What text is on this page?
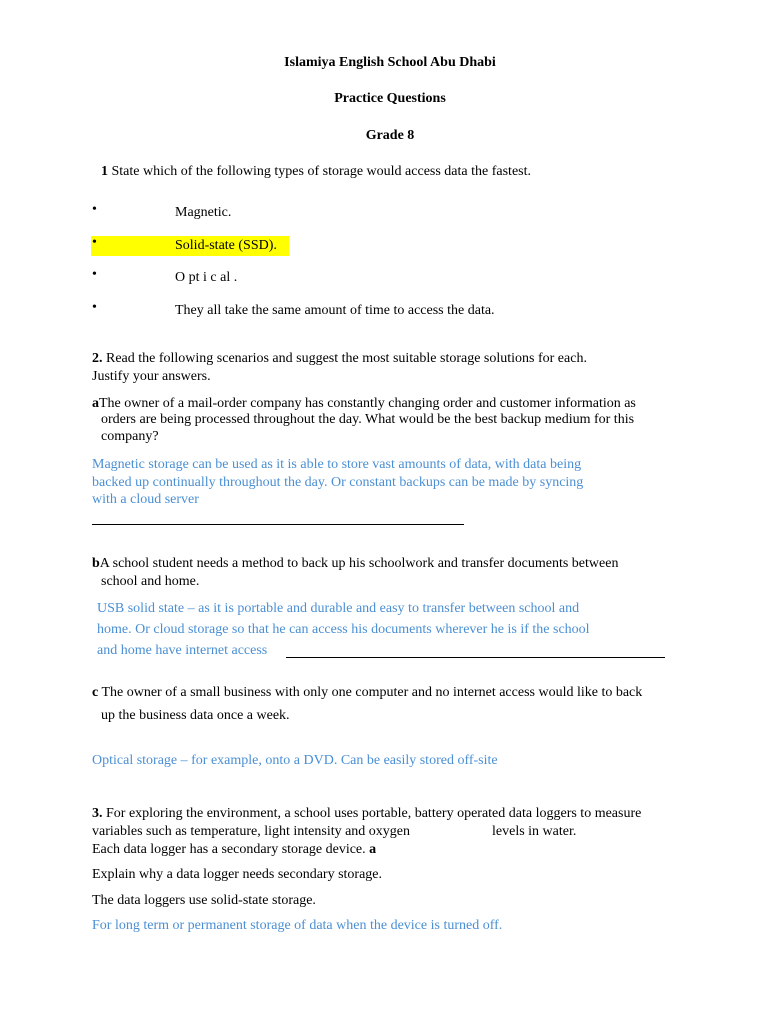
Islamiya English School Abu Dhabi
Practice Questions
Grade 8
1 State which of the following types of storage would access data the fastest.
•	Magnetic.
•	Solid-state (SSD).
•	O pt i c al .
•	They all take the same amount of time to access the data.
2. Read the following scenarios and suggest the most suitable storage solutions for each.
Justify your answers.
aThe owner of a mail-order company has constantly changing order and customer information as
orders are being processed throughout the day. What would be the best backup medium for this
company?
Magnetic storage can be used as it is able to store vast amounts of data, with data being
backed up continually throughout the day. Or constant backups can be made by syncing
with a cloud server
bA school student needs a method to back up his schoolwork and transfer documents between
school and home.
USB solid state – as it is portable and durable and easy to transfer between school and
home. Or cloud storage so that he can access his documents wherever he is if the school
and home have internet access
c The owner of a small business with only one computer and no internet access would like to back
up the business data once a week.
Optical storage – for example, onto a DVD. Can be easily stored off-site
3. For exploring the environment, a school uses portable, battery operated data loggers to measure
variables such as temperature, light intensity and oxygen	levels in water.
Each data logger has a secondary storage device. a
Explain why a data logger needs secondary storage.
The data loggers use solid-state storage.
For long term or permanent storage of data when the device is turned off.
